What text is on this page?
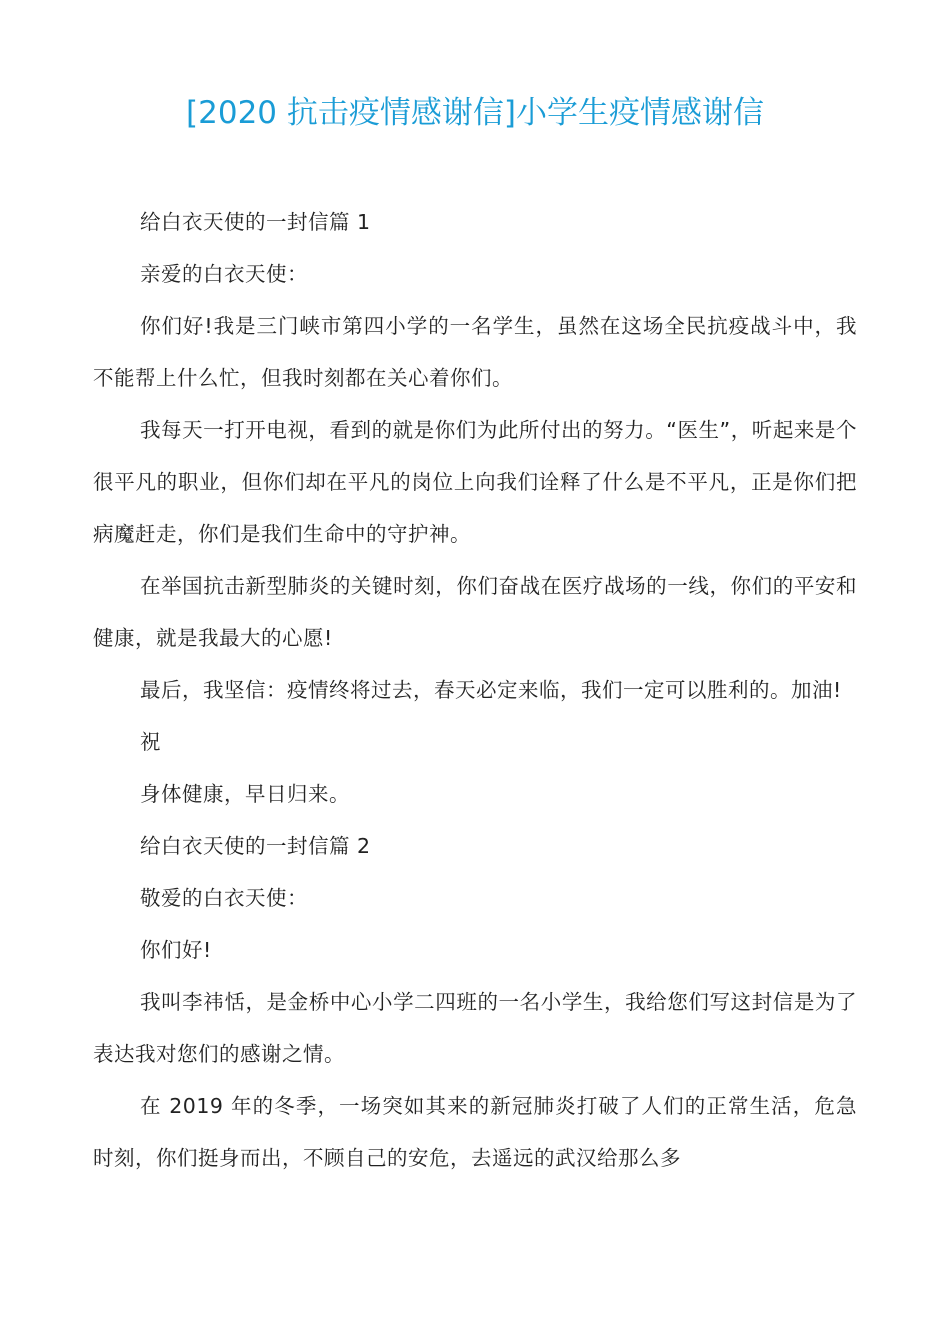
[2020 抗击疫情感谢信]小学生疫情感谢信

给白衣天使的一封信篇 1

亲爱的白衣天使：

你们好!我是三门峡市第四小学的一名学生，虽然在这场全民抗疫战斗中，我不能帮上什么忙，但我时刻都在关心着你们。

我每天一打开电视，看到的就是你们为此所付出的努力。“医生”，听起来是个很平凡的职业，但你们却在平凡的岗位上向我们诠释了什么是不平凡，正是你们把病魔赶走，你们是我们生命中的守护神。

在举国抗击新型肺炎的关键时刻，你们奋战在医疗战场的一线，你们的平安和健康，就是我最大的心愿!

最后，我坚信：疫情终将过去，春天必定来临，我们一定可以胜利的。加油!

祝

身体健康，早日归来。

给白衣天使的一封信篇 2

敬爱的白衣天使：

你们好!

我叫李祎恬，是金桥中心小学二四班的一名小学生，我给您们写这封信是为了表达我对您们的感谢之情。

在 2019 年的冬季，一场突如其来的新冠肺炎打破了人们的正常生活，危急时刻，你们挺身而出，不顾自己的安危，去遥远的武汉给那么多
